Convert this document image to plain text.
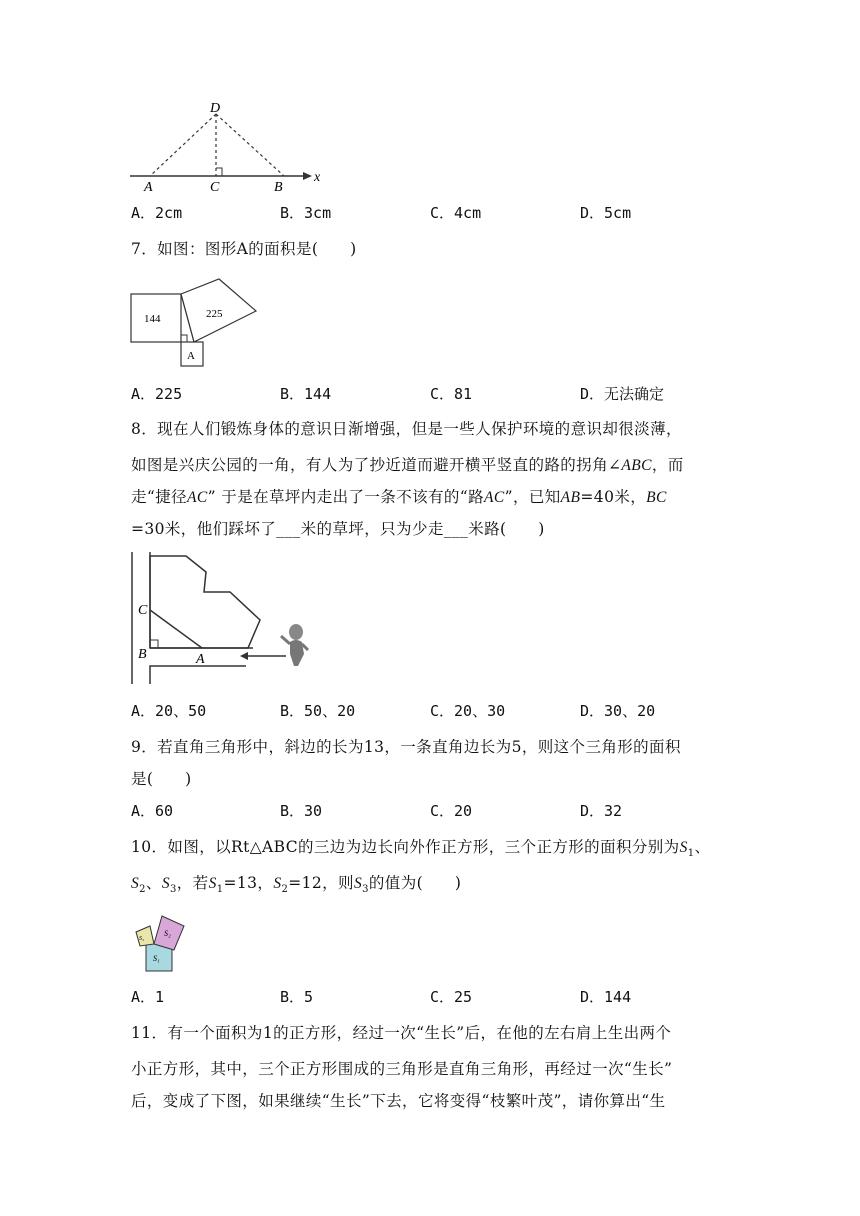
D
A	C	B
x
A．2cm	B．3cm	C．4cm	D．5cm
7．如图：图形A的面积是(　　)
144	225
A
A．225	B．144	C．81	D．无法确定
8．现在人们锻炼身体的意识日渐增强，但是一些人保护环境的意识却很淡薄，
如图是兴庆公园的一角，有人为了抄近道而避开横平竖直的路的拐角∠ABC，而
走“捷径AC” 于是在草坪内走出了一条不该有的“路AC”，已知AB=40米，BC
=30米，他们踩坏了___米的草坪，只为少走___米路(　　)
C
B	A
A．20、50	B．50、20	C．20、30	D．30、20
9．若直角三角形中，斜边的长为13，一条直角边长为5，则这个三角形的面积
是(　　)
A．60	B．30	C．20	D．32
10．如图，以Rt△ABC的三边为边长向外作正方形，三个正方形的面积分别为$S_1$、
$S_2$、$S_3$，若$S_1=13$，$S_2=12$，则$S_3$的值为(　　)
S₁
S₂
S₃
A．1	B．5	C．25	D．144
11．有一个面积为1的正方形，经过一次“生长”后，在他的左右肩上生出两个
小正方形，其中，三个正方形围成的三角形是直角三角形，再经过一次“生长”
后，变成了下图，如果继续“生长”下去，它将变得“枝繁叶茂”，请你算出“生
